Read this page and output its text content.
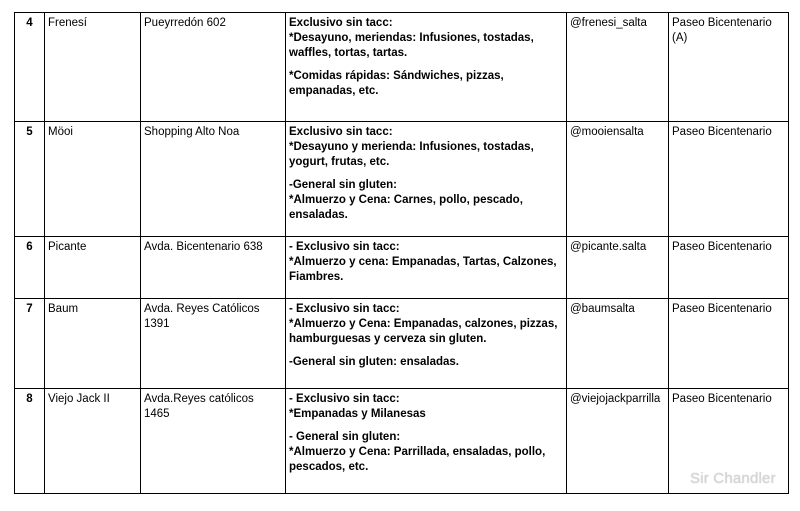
4	Frenesí	Pueyrredón 602	Exclusivo sin tacc:
*Desayuno, meriendas: Infusiones, tostadas, waffles, tortas, tartas.

*Comidas rápidas: Sándwiches, pizzas, empanadas, etc.	@frenesi_salta	Paseo Bicentenario (A)
5	Möoi	Shopping Alto Noa	Exclusivo sin tacc:
*Desayuno y merienda: Infusiones, tostadas, yogurt, frutas, etc.

-General sin gluten:
*Almuerzo y Cena: Carnes, pollo, pescado, ensaladas.	@mooiensalta	Paseo Bicentenario
6	Picante	Avda. Bicentenario 638	- Exclusivo sin tacc:
*Almuerzo y cena: Empanadas, Tartas, Calzones, Fiambres.	@picante.salta	Paseo Bicentenario
7	Baum	Avda. Reyes Católicos 1391	- Exclusivo sin tacc:
*Almuerzo y Cena: Empanadas, calzones, pizzas, hamburguesas y cerveza sin gluten.

-General sin gluten: ensaladas.	@baumsalta	Paseo Bicentenario
8	Viejo Jack II	Avda.Reyes católicos 1465	- Exclusivo sin tacc:
*Empanadas y Milanesas

- General sin gluten:
*Almuerzo y Cena: Parrillada, ensaladas, pollo, pescados, etc.	@viejojackparrilla	Paseo Bicentenario
Sir Chandler
